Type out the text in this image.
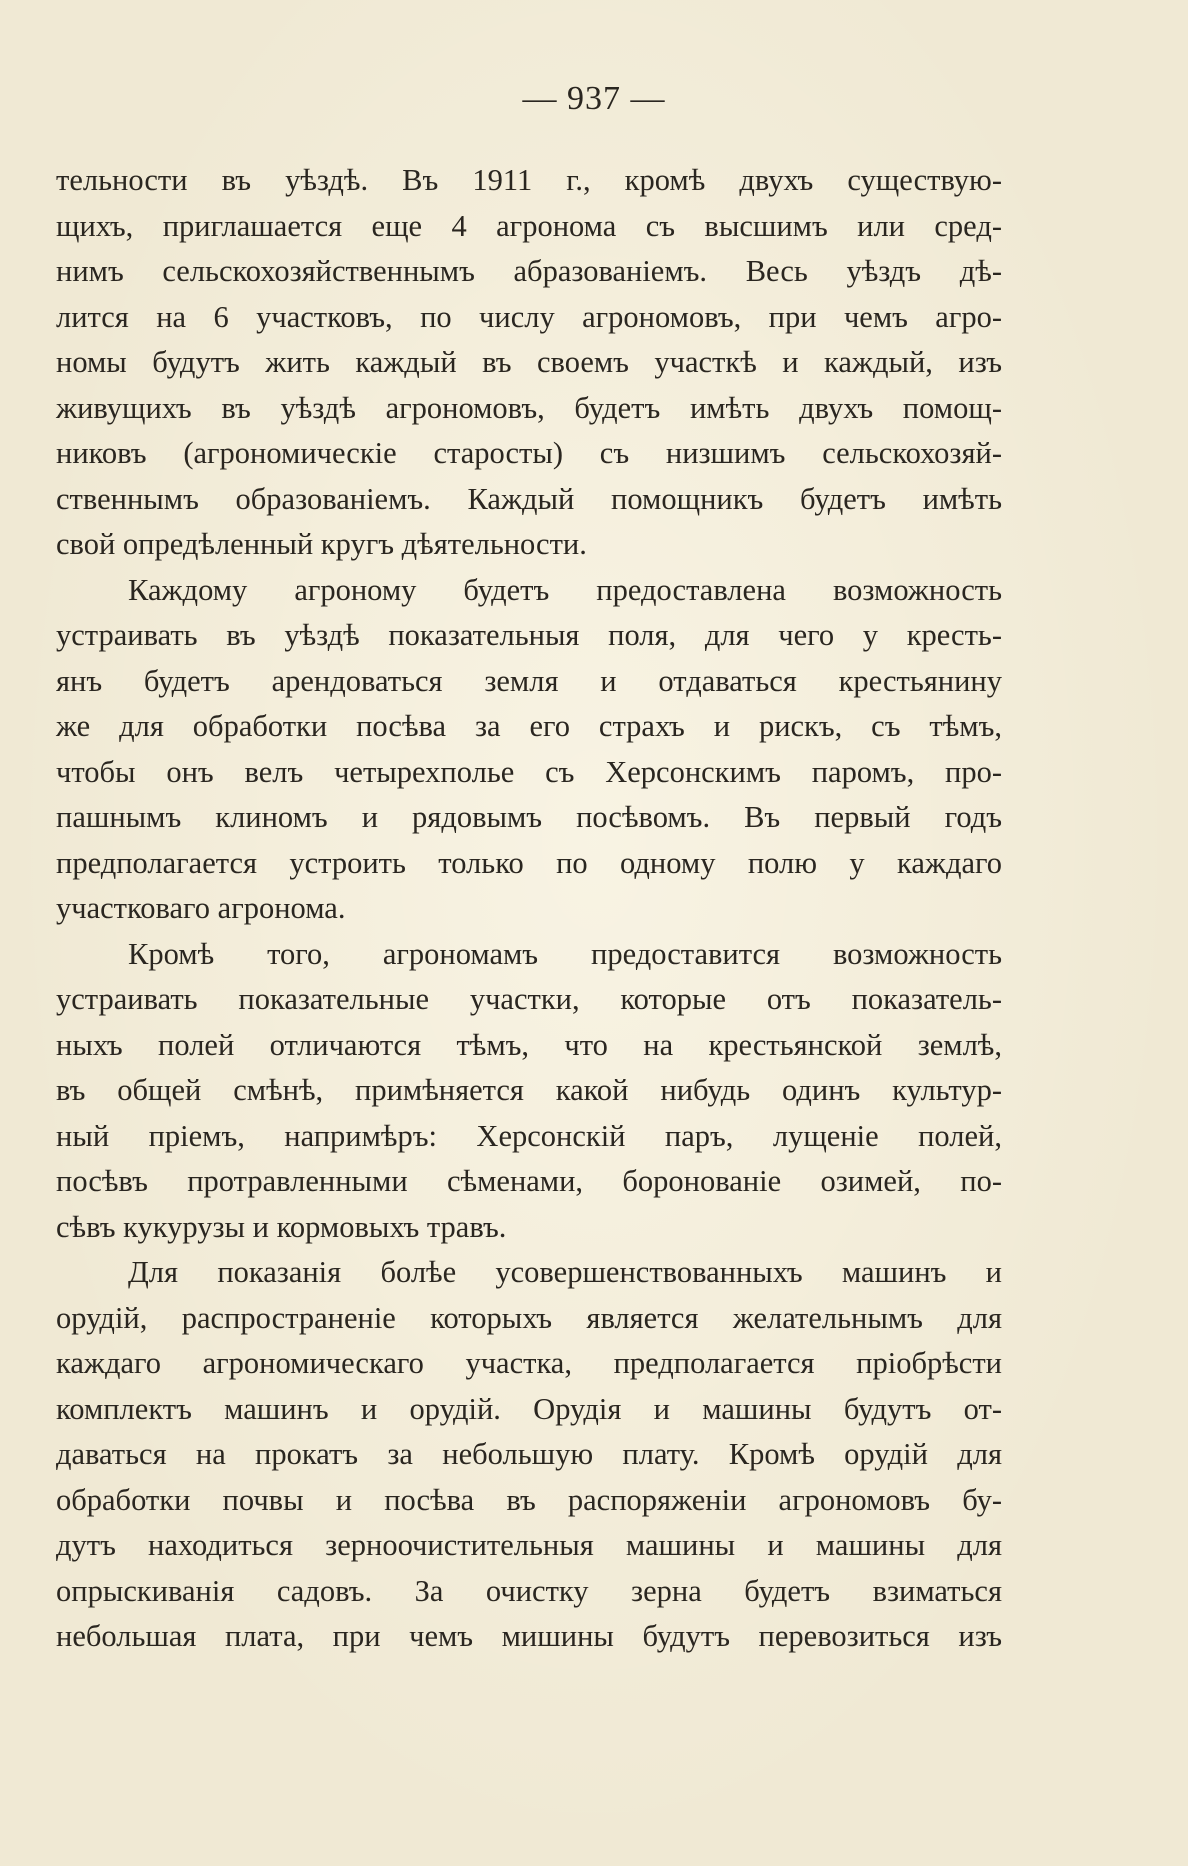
— 937 —
тельности въ уѣздѣ. Въ 1911 г., кромѣ двухъ существую-
щихъ, приглашается еще 4 агронома съ высшимъ или сред-
нимъ сельскохозяйственнымъ абразованіемъ. Весь уѣздъ дѣ-
лится на 6 участковъ, по числу агрономовъ, при чемъ агро-
номы будутъ жить каждый въ своемъ участкѣ и каждый, изъ
живущихъ въ уѣздѣ агрономовъ, будетъ имѣть двухъ помощ-
никовъ (агрономическіе старосты) съ низшимъ сельскохозяй-
ственнымъ образованіемъ. Каждый помощникъ будетъ имѣть
свой опредѣленный кругъ дѣятельности.
Каждому агроному будетъ предоставлена возможность
устраивать въ уѣздѣ показательныя поля, для чего у кресть-
янъ будетъ арендоваться земля и отдаваться крестьянину
же для обработки посѣва за его страхъ и рискъ, съ тѣмъ,
чтобы онъ велъ четырехполье съ Херсонскимъ паромъ, про-
пашнымъ клиномъ и рядовымъ посѣвомъ. Въ первый годъ
предполагается устроить только по одному полю у каждаго
участковаго агронома.
Кромѣ того, агрономамъ предоставится возможность
устраивать показательные участки, которые отъ показатель-
ныхъ полей отличаются тѣмъ, что на крестьянской землѣ,
въ общей смѣнѣ, примѣняется какой нибудь одинъ культур-
ный пріемъ, напримѣръ: Херсонскій паръ, лущеніе полей,
посѣвъ протравленными сѣменами, боронованіе озимей, по-
сѣвъ кукурузы и кормовыхъ травъ.
Для показанія болѣе усовершенствованныхъ машинъ и
орудій, распространеніе которыхъ является желательнымъ для
каждаго агрономическаго участка, предполагается пріобрѣсти
комплектъ машинъ и орудій. Орудія и машины будутъ от-
даваться на прокатъ за небольшую плату. Кромѣ орудій для
обработки почвы и посѣва въ распоряженіи агрономовъ бу-
дутъ находиться зерноочистительныя машины и машины для
опрыскиванія садовъ. За очистку зерна будетъ взиматься
небольшая плата, при чемъ мишины будутъ перевозиться изъ
